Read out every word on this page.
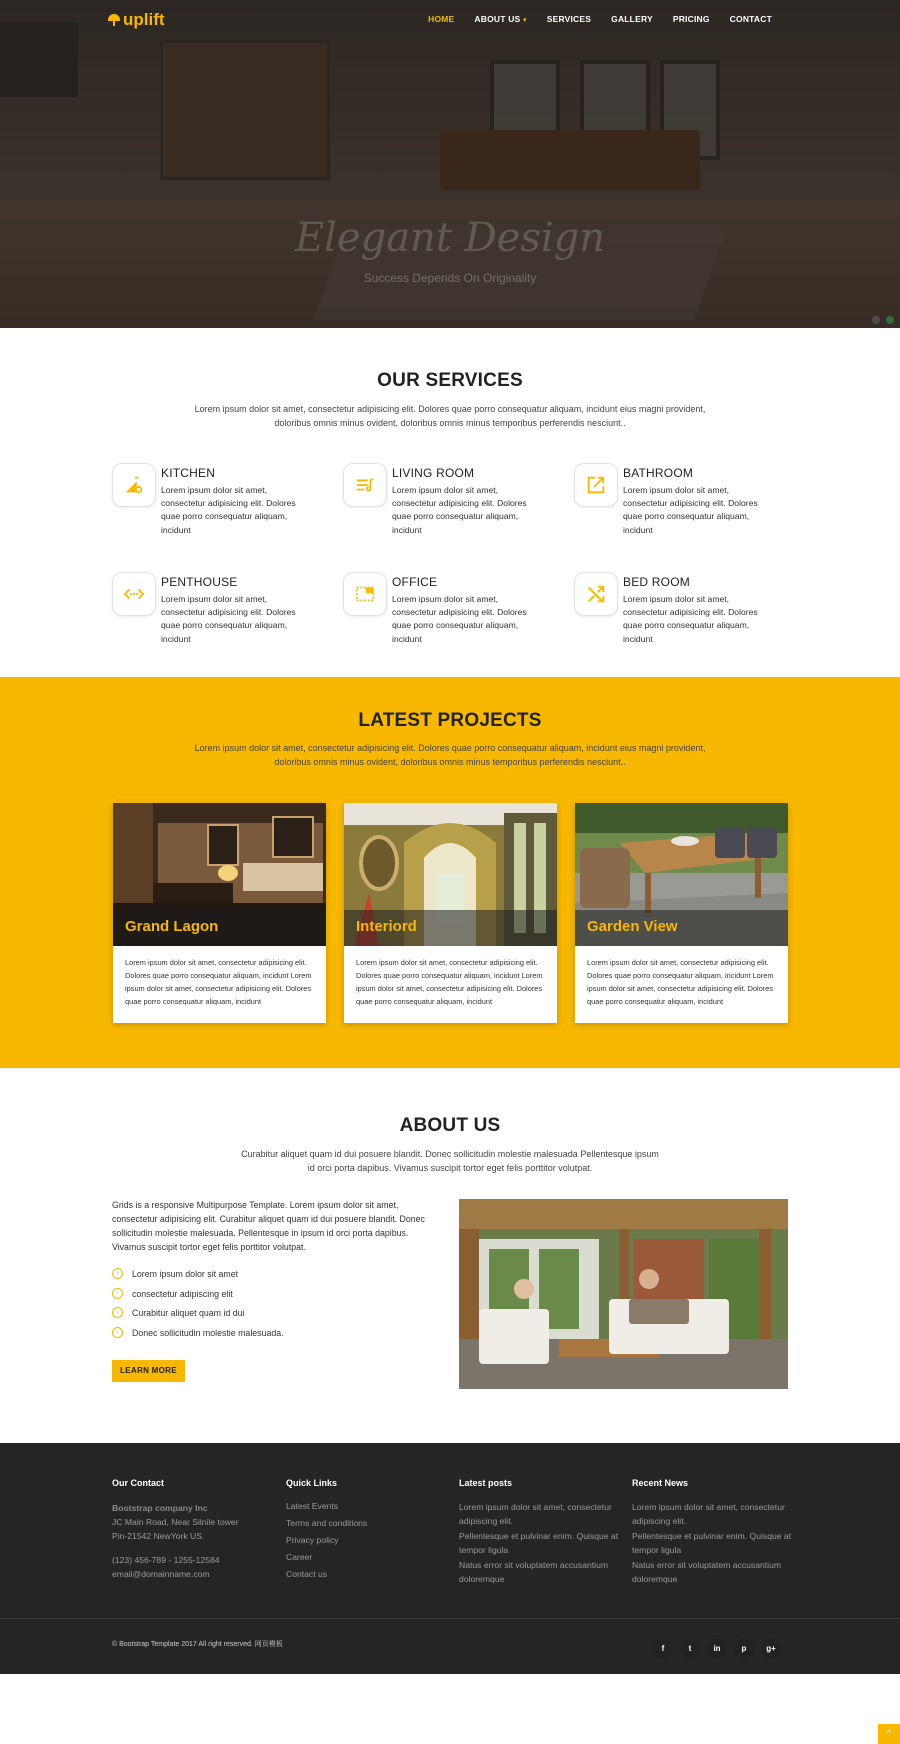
uplift	HOME	ABOUT US ▾	SERVICES	GALLERY	PRICING	CONTACT
Elegant Design
Success Depends On Originality
OUR SERVICES
Lorem ipsum dolor sit amet, consectetur adipisicing elit. Dolores quae porro consequatur aliquam, incidunt eius magni provident, doloribus omnis minus ovident, doloribus omnis minus temporibus perferendis nesciunt..
KITCHEN
Lorem ipsum dolor sit amet, consectetur adipisicing elit. Dolores quae porro consequatur aliquam, incidunt
LIVING ROOM
Lorem ipsum dolor sit amet, consectetur adipisicing elit. Dolores quae porro consequatur aliquam, incidunt
BATHROOM
Lorem ipsum dolor sit amet, consectetur adipisicing elit. Dolores quae porro consequatur aliquam, incidunt
PENTHOUSE
Lorem ipsum dolor sit amet, consectetur adipisicing elit. Dolores quae porro consequatur aliquam, incidunt
OFFICE
Lorem ipsum dolor sit amet, consectetur adipisicing elit. Dolores quae porro consequatur aliquam, incidunt
BED ROOM
Lorem ipsum dolor sit amet, consectetur adipisicing elit. Dolores quae porro consequatur aliquam, incidunt
LATEST PROJECTS
Lorem ipsum dolor sit amet, consectetur adipisicing elit. Dolores quae porro consequatur aliquam, incidunt eius magni provident, doloribus omnis minus ovident, doloribus omnis minus temporibus perferendis nesciunt..
Grand Lagon
Lorem ipsum dolor sit amet, consectetur adipisicing elit. Dolores quae porro consequatur aliquam, incidunt Lorem ipsum dolor sit amet, consectetur adipisicing elit. Dolores quae porro consequatur aliquam, incidunt
Interiord
Lorem ipsum dolor sit amet, consectetur adipisicing elit. Dolores quae porro consequatur aliquam, incidunt Lorem ipsum dolor sit amet, consectetur adipisicing elit. Dolores quae porro consequatur aliquam, incidunt
Garden View
Lorem ipsum dolor sit amet, consectetur adipisicing elit. Dolores quae porro consequatur aliquam, incidunt Lorem ipsum dolor sit amet, consectetur adipisicing elit. Dolores quae porro consequatur aliquam, incidunt
ABOUT US
Curabitur aliquet quam id dui posuere blandit. Donec sollicitudin molestie malesuada Pellentesque ipsum id orci porta dapibus. Vivamus suscipit tortor eget felis porttitor volutpat.
Grids is a responsive Multipurpose Template. Lorem ipsum dolor sit amet, consectetur adipisicing elit. Curabitur aliquet quam id dui posuere blandit. Donec sollicitudin molestie malesuada. Pellentesque in ipsum id orci porta dapibus. Vivamus suscipit tortor eget felis porttitor volutpat.
›	Lorem ipsum dolor sit amet
›	consectetur adipiscing elit
›	Curabitur aliquet quam id dui
›	Donec sollicitudin molestie malesuada.
LEARN MORE
Our Contact
Bootstrap company Inc
JC Main Road, Near Silnile tower
Pin-21542 NewYork US.
(123) 456-789 - 1255-12584
email@domainname.com
Quick Links
Latest Events
Terms and conditions
Privacy policy
Career
Contact us
Latest posts
Lorem ipsum dolor sit amet, consectetur adipiscing elit.
Pellentesque et pulvinar enim. Quisque at tempor ligula
Natus error sit voluptatem accusantium doloremque
Recent News
Lorem ipsum dolor sit amet, consectetur adipiscing elit.
Pellentesque et pulvinar enim. Quisque at tempor ligula
Natus error sit voluptatem accusantium doloremque
© Bootstrap Template 2017 All right reserved. 网页模板	f	t	in	p	g+
^
